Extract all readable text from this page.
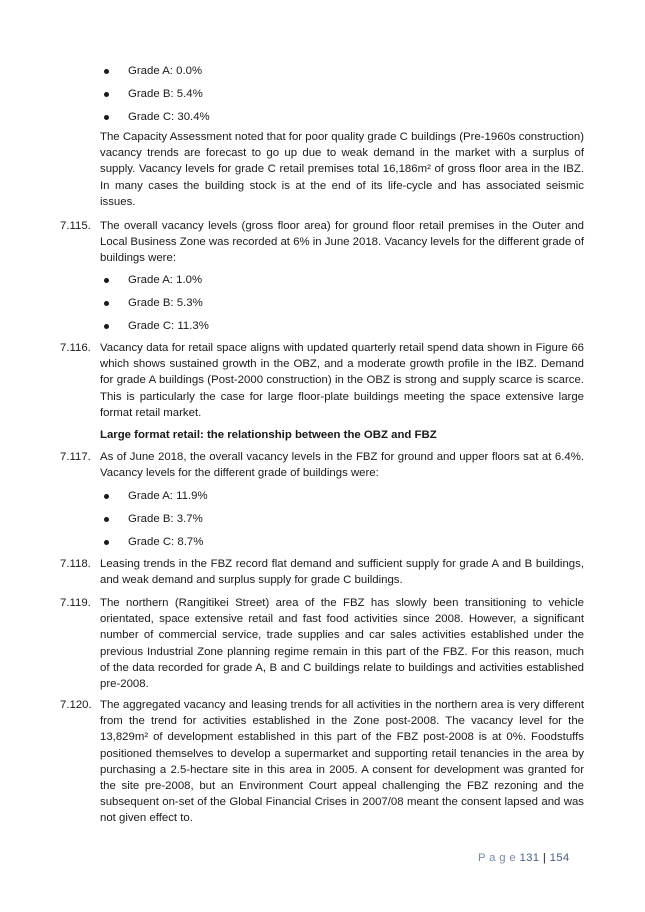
Grade A: 0.0%
Grade B: 5.4%
Grade C: 30.4%
The Capacity Assessment noted that for poor quality grade C buildings (Pre-1960s construction) vacancy trends are forecast to go up due to weak demand in the market with a surplus of supply. Vacancy levels for grade C retail premises total 16,186m² of gross floor area in the IBZ. In many cases the building stock is at the end of its life-cycle and has associated seismic issues.
7.115. The overall vacancy levels (gross floor area) for ground floor retail premises in the Outer and Local Business Zone was recorded at 6% in June 2018. Vacancy levels for the different grade of buildings were:
Grade A: 1.0%
Grade B: 5.3%
Grade C: 11.3%
7.116. Vacancy data for retail space aligns with updated quarterly retail spend data shown in Figure 66 which shows sustained growth in the OBZ, and a moderate growth profile in the IBZ. Demand for grade A buildings (Post-2000 construction) in the OBZ is strong and supply scarce is scarce. This is particularly the case for large floor-plate buildings meeting the space extensive large format retail market.
Large format retail: the relationship between the OBZ and FBZ
7.117. As of June 2018, the overall vacancy levels in the FBZ for ground and upper floors sat at 6.4%. Vacancy levels for the different grade of buildings were:
Grade A: 11.9%
Grade B: 3.7%
Grade C: 8.7%
7.118. Leasing trends in the FBZ record flat demand and sufficient supply for grade A and B buildings, and weak demand and surplus supply for grade C buildings.
7.119. The northern (Rangitikei Street) area of the FBZ has slowly been transitioning to vehicle orientated, space extensive retail and fast food activities since 2008. However, a significant number of commercial service, trade supplies and car sales activities established under the previous Industrial Zone planning regime remain in this part of the FBZ. For this reason, much of the data recorded for grade A, B and C buildings relate to buildings and activities established pre-2008.
7.120. The aggregated vacancy and leasing trends for all activities in the northern area is very different from the trend for activities established in the Zone post-2008. The vacancy level for the 13,829m² of development established in this part of the FBZ post-2008 is at 0%. Foodstuffs positioned themselves to develop a supermarket and supporting retail tenancies in the area by purchasing a 2.5-hectare site in this area in 2005. A consent for development was granted for the site pre-2008, but an Environment Court appeal challenging the FBZ rezoning and the subsequent on-set of the Global Financial Crises in 2007/08 meant the consent lapsed and was not given effect to.
P a g e 131 | 154
